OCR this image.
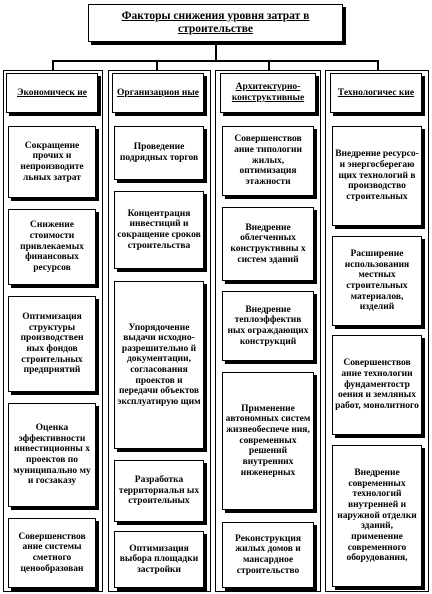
Факторы снижения уровня затрат в строительстве
Экономическ ие	Организацион ные
Архитектурно-конструктивные
Технологичес кие
Сокращение прочих и непроизводите льных затрат
Снижение стоимости привлекаемых финансовых ресурсов
Оптимизация структуры производствен ных фондов строительных предприятий
Оценка эффективности инвестиционны х проектов по муниципально му и госзаказу
Совершенствов ание системы сметного ценообразован
Проведение подрядных торгов
Концентрация инвестиций и сокращение сроков строительства
Упорядочение выдачи исходно-разрешительно й документации, согласования проектов и передачи объектов эксплуатирую щим
Разработка территориальн ых строительных
Оптимизация выбора площадки застройки
Совершенствов ание типологии жилых, оптимизация этажности
Внедрение облегченных конструктивны х систем зданий
Внедрение теплоэффектив ных ограждающих конструкций
Применение автономных систем жизнеобеспече ния, современных решений внутренних инженерных
Реконструкция жилых домов и мансардное строительство
Внедрение ресурсо- и энергосберегаю щих технологий в производство строительных
Расширение использования местных строительных материалов, изделий
Совершенствов ание технологии фундаментостр оения и земляных работ, монолитного
Внедрение современных технологий внутренней и наружной отделки зданий, применение современного оборудования,
